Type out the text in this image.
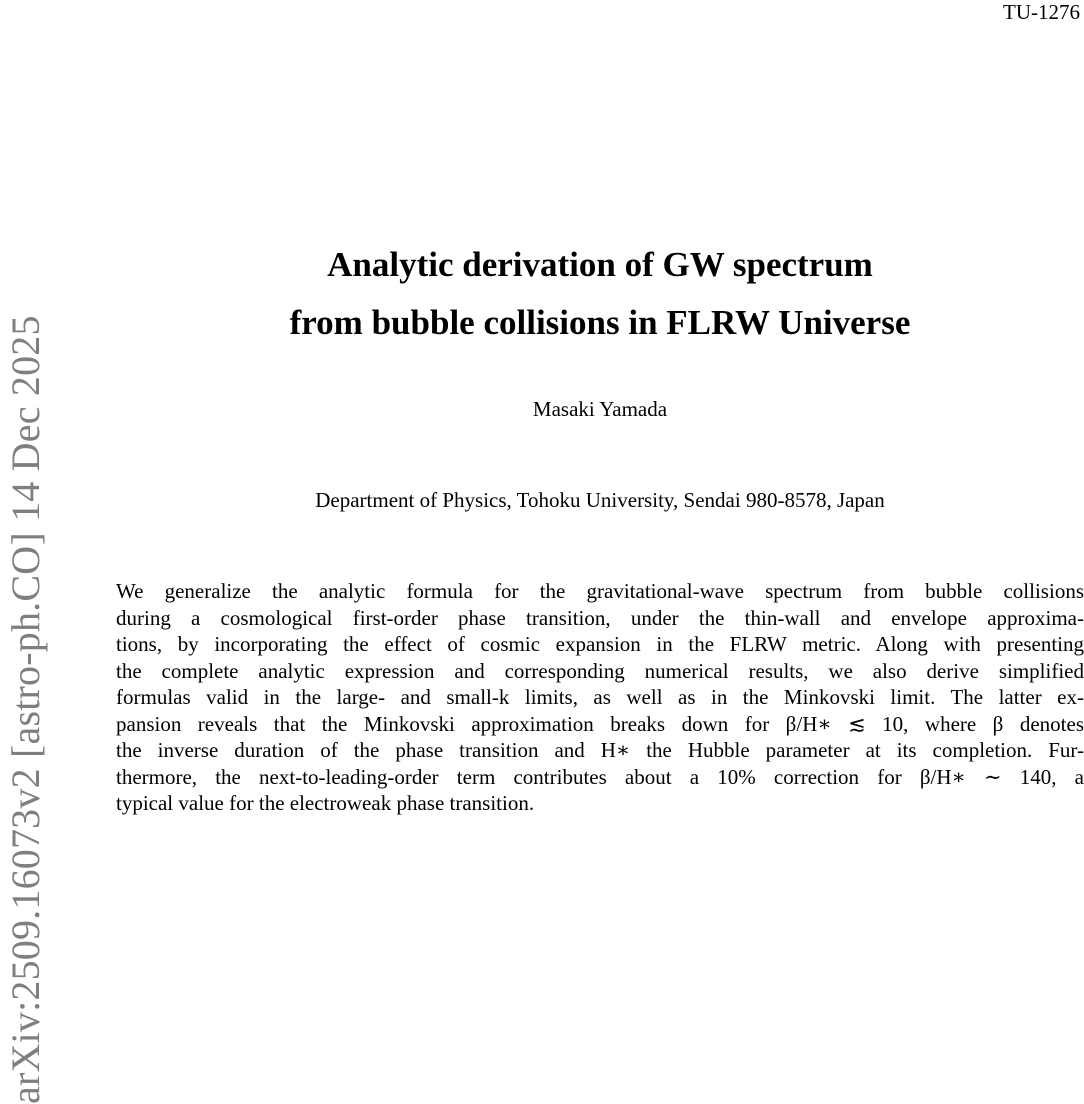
TU-1276
arXiv:2509.16073v2 [astro-ph.CO] 14 Dec 2025
Analytic derivation of GW spectrum
from bubble collisions in FLRW Universe
Masaki Yamada
Department of Physics, Tohoku University, Sendai 980-8578, Japan
We generalize the analytic formula for the gravitational-wave spectrum from bubble collisions
during a cosmological first-order phase transition, under the thin-wall and envelope approxima-
tions, by incorporating the effect of cosmic expansion in the FLRW metric. Along with presenting
the complete analytic expression and corresponding numerical results, we also derive simplified
formulas valid in the large- and small-k limits, as well as in the Minkovski limit. The latter ex-
pansion reveals that the Minkovski approximation breaks down for β/H∗ ≲ 10, where β denotes
the inverse duration of the phase transition and H∗ the Hubble parameter at its completion. Fur-
thermore, the next-to-leading-order term contributes about a 10% correction for β/H∗ ∼ 140, a
typical value for the electroweak phase transition.
